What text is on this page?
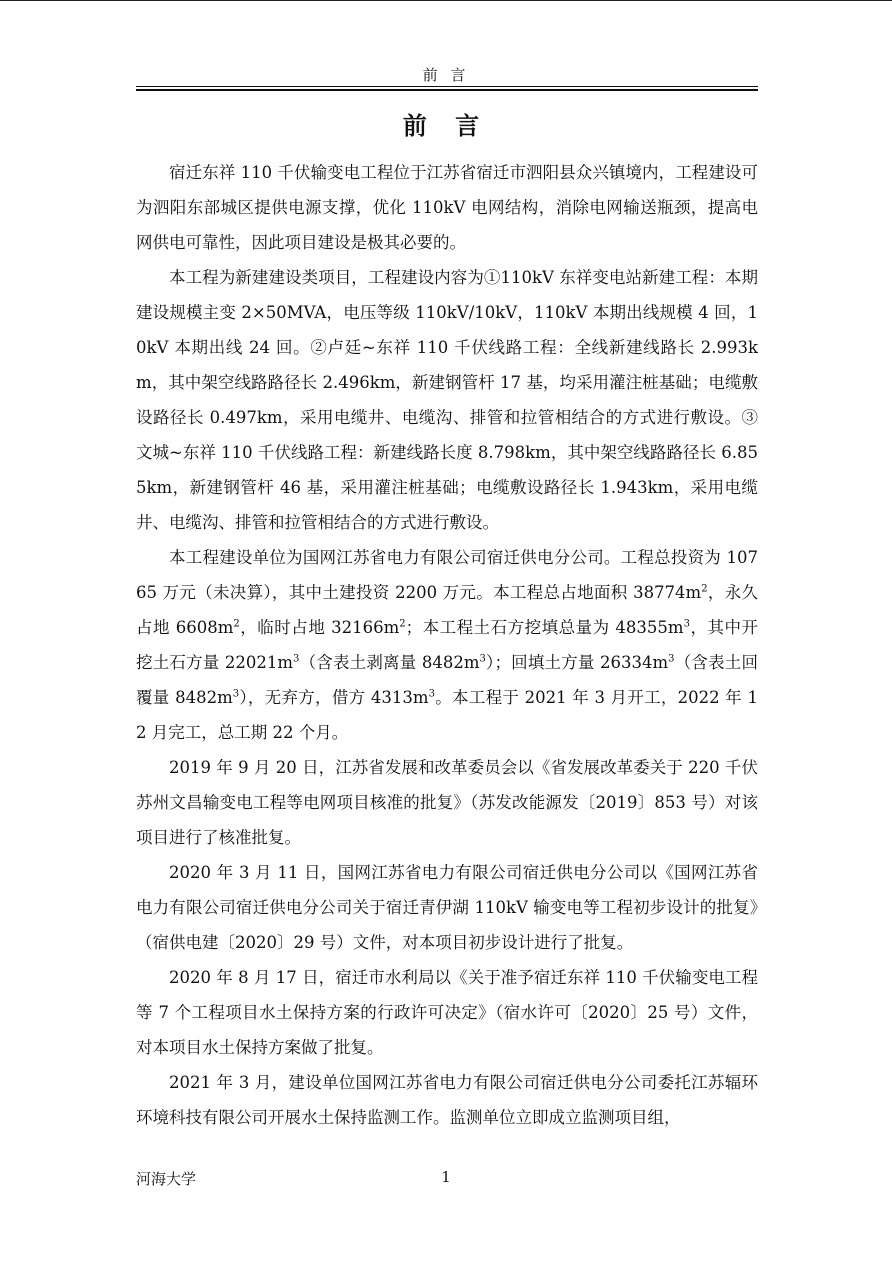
前 言
前 言

宿迁东祥 110 千伏输变电工程位于江苏省宿迁市泗阳县众兴镇境内，工程建设可为泗阳东部城区提供电源支撑，优化 110kV 电网结构，消除电网输送瓶颈，提高电网供电可靠性，因此项目建设是极其必要的。

本工程为新建建设类项目，工程建设内容为①110kV 东祥变电站新建工程：本期建设规模主变 2×50MVA，电压等级 110kV/10kV，110kV 本期出线规模 4 回，10kV 本期出线 24 回。②卢廷~东祥 110 千伏线路工程：全线新建线路长 2.993km，其中架空线路路径长 2.496km，新建钢管杆 17 基，均采用灌注桩基础；电缆敷设路径长 0.497km，采用电缆井、电缆沟、排管和拉管相结合的方式进行敷设。③文城~东祥 110 千伏线路工程：新建线路长度 8.798km，其中架空线路路径长 6.855km，新建钢管杆 46 基，采用灌注桩基础；电缆敷设路径长 1.943km，采用电缆井、电缆沟、排管和拉管相结合的方式进行敷设。

本工程建设单位为国网江苏省电力有限公司宿迁供电分公司。工程总投资为 10765 万元（未决算），其中土建投资 2200 万元。本工程总占地面积 $38774m^2$，永久占地 $6608m^2$，临时占地 $32166m^2$；本工程土石方挖填总量为 $48355m^3$，其中开挖土石方量 $22021m^3$（含表土剥离量 $8482m^3$）；回填土方量 $26334m^3$（含表土回覆量 $8482m^3$），无弃方，借方 $4313m^3$。本工程于 2021 年 3 月开工，2022 年 12 月完工，总工期 22 个月。

2019 年 9 月 20 日，江苏省发展和改革委员会以《省发展改革委关于 220 千伏苏州文昌输变电工程等电网项目核准的批复》（苏发改能源发〔2019〕853 号）对该项目进行了核准批复。

2020 年 3 月 11 日，国网江苏省电力有限公司宿迁供电分公司以《国网江苏省电力有限公司宿迁供电分公司关于宿迁青伊湖 110kV 输变电等工程初步设计的批复》（宿供电建〔2020〕29 号）文件，对本项目初步设计进行了批复。

2020 年 8 月 17 日，宿迁市水利局以《关于准予宿迁东祥 110 千伏输变电工程等 7 个工程项目水土保持方案的行政许可决定》（宿水许可〔2020〕25 号）文件，对本项目水土保持方案做了批复。

2021 年 3 月，建设单位国网江苏省电力有限公司宿迁供电分公司委托江苏辐环环境科技有限公司开展水土保持监测工作。监测单位立即成立监测项目组，

河海大学	1
